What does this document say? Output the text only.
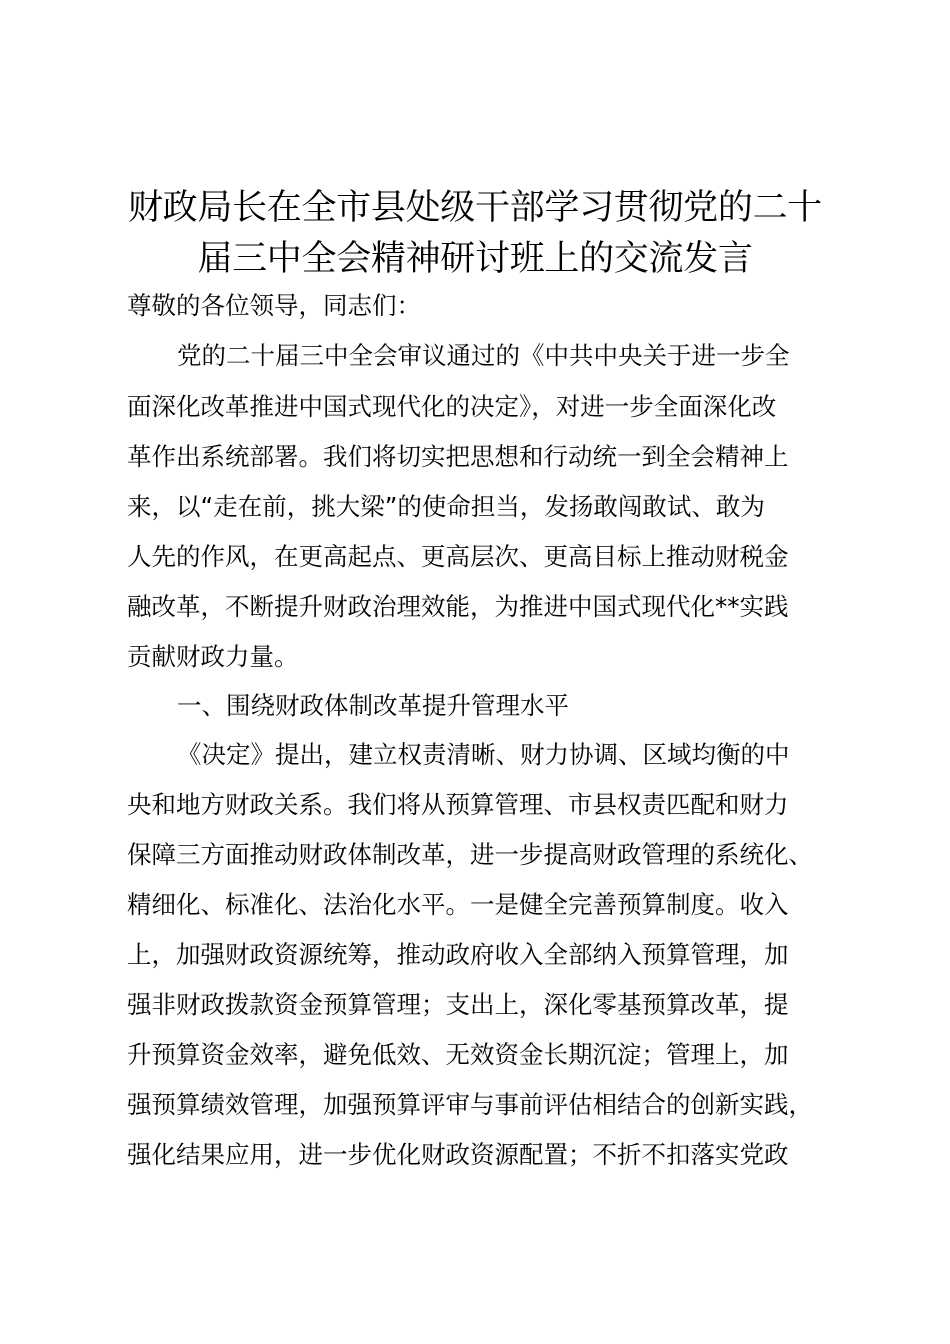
财政局长在全市县处级干部学习贯彻党的二十
届三中全会精神研讨班上的交流发言
尊敬的各位领导，同志们：
党的二十届三中全会审议通过的《中共中央关于进一步全
面深化改革推进中国式现代化的决定》，对进一步全面深化改
革作出系统部署。我们将切实把思想和行动统一到全会精神上
来，以“走在前，挑大梁”的使命担当，发扬敢闯敢试、敢为
人先的作风，在更高起点、更高层次、更高目标上推动财税金
融改革，不断提升财政治理效能，为推进中国式现代化**实践
贡献财政力量。
一、围绕财政体制改革提升管理水平
《决定》提出，建立权责清晰、财力协调、区域均衡的中
央和地方财政关系。我们将从预算管理、市县权责匹配和财力
保障三方面推动财政体制改革，进一步提高财政管理的系统化、
精细化、标准化、法治化水平。一是健全完善预算制度。收入
上，加强财政资源统筹，推动政府收入全部纳入预算管理，加
强非财政拨款资金预算管理；支出上，深化零基预算改革，提
升预算资金效率，避免低效、无效资金长期沉淀；管理上，加
强预算绩效管理，加强预算评审与事前评估相结合的创新实践，
强化结果应用，进一步优化财政资源配置；不折不扣落实党政
